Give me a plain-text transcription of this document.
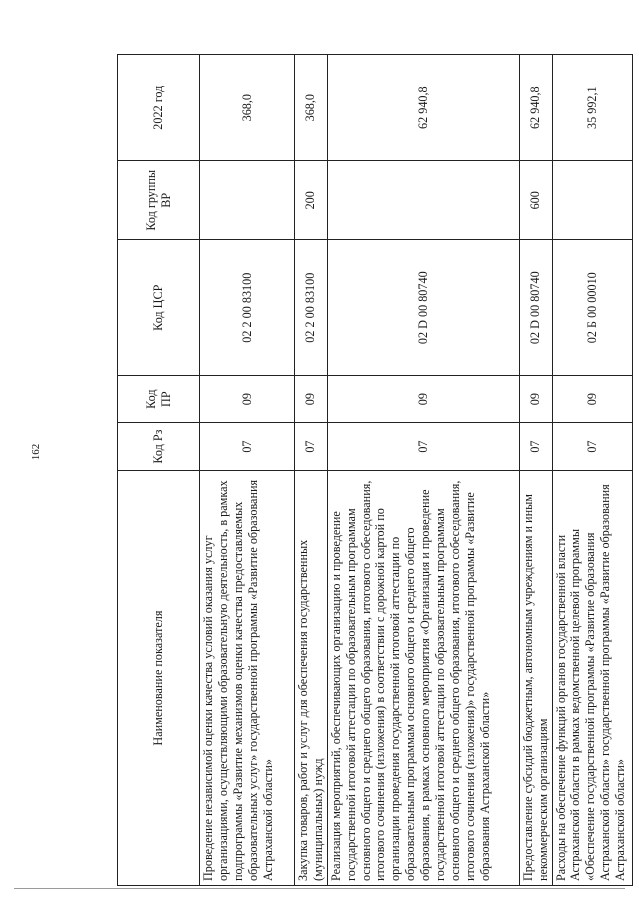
162
Наименование показателя	Код Рз	Код ПР	Код ЦСР	Код группы ВР	2022 год
Проведение независимой оценки качества условий оказания услуг организациями, осуществляющими образовательную деятельность, в рамках подпрограммы «Развитие механизмов оценки качества предоставляемых образовательных услуг» государственной программы «Развитие образования Астраханской области»	07	09	02 2 00 83100		368,0
Закупка товаров, работ и услуг для обеспечения государственных (муниципальных) нужд	07	09	02 2 00 83100	200	368,0
Реализация мероприятий, обеспечивающих организацию и проведение государственной итоговой аттестации по образовательным программам основного общего и среднего общего образования, итогового собеседования, итогового сочинения (изложения) в соответствии с дорожной картой по организации проведения государственной итоговой аттестации по образовательным программам основного общего и среднего общего образования, в рамках основного мероприятия «Организация и проведение государственной итоговой аттестации по образовательным программам основного общего и среднего общего образования, итогового собеседования, итогового сочинения (изложения)» государственной программы «Развитие образования Астраханской области»	07	09	02 D 00 80740		62 940,8
Предоставление субсидий бюджетным, автономным учреждениям и иным некоммерческим организациям	07	09	02 D 00 80740	600	62 940,8
Расходы на обеспечение функций органов государственной власти Астраханской области в рамках ведомственной целевой программы «Обеспечение государственной программы «Развитие образования Астраханской области» государственной программы «Развитие образования Астраханской области»	07	09	02 Б 00 00010		35 992,1
